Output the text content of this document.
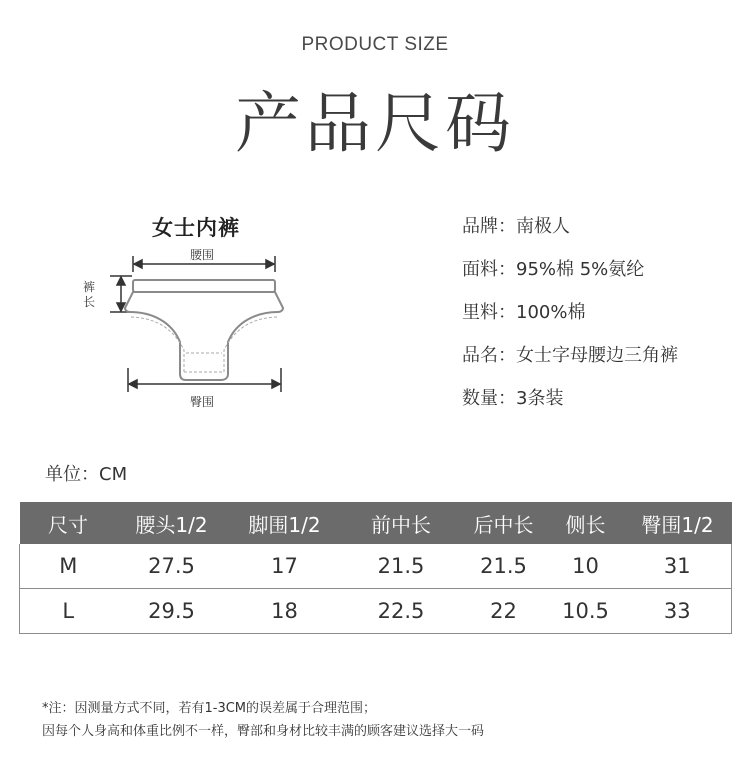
PRODUCT SIZE
产品尺码
女士内裤
腰围
裤长
臀围
品牌：南极人
面料：95%棉 5%氨纶
里料：100%棉
品名：女士字母腰边三角裤
数量：3条装
单位：CM
尺寸	腰头1/2	脚围1/2	前中长	后中长	侧长	臀围1/2
M	27.5	17	21.5	21.5	10	31
L	29.5	18	22.5	22	10.5	33
*注：因测量方式不同，若有1-3CM的误差属于合理范围；
因每个人身高和体重比例不一样，臀部和身材比较丰满的顾客建议选择大一码
